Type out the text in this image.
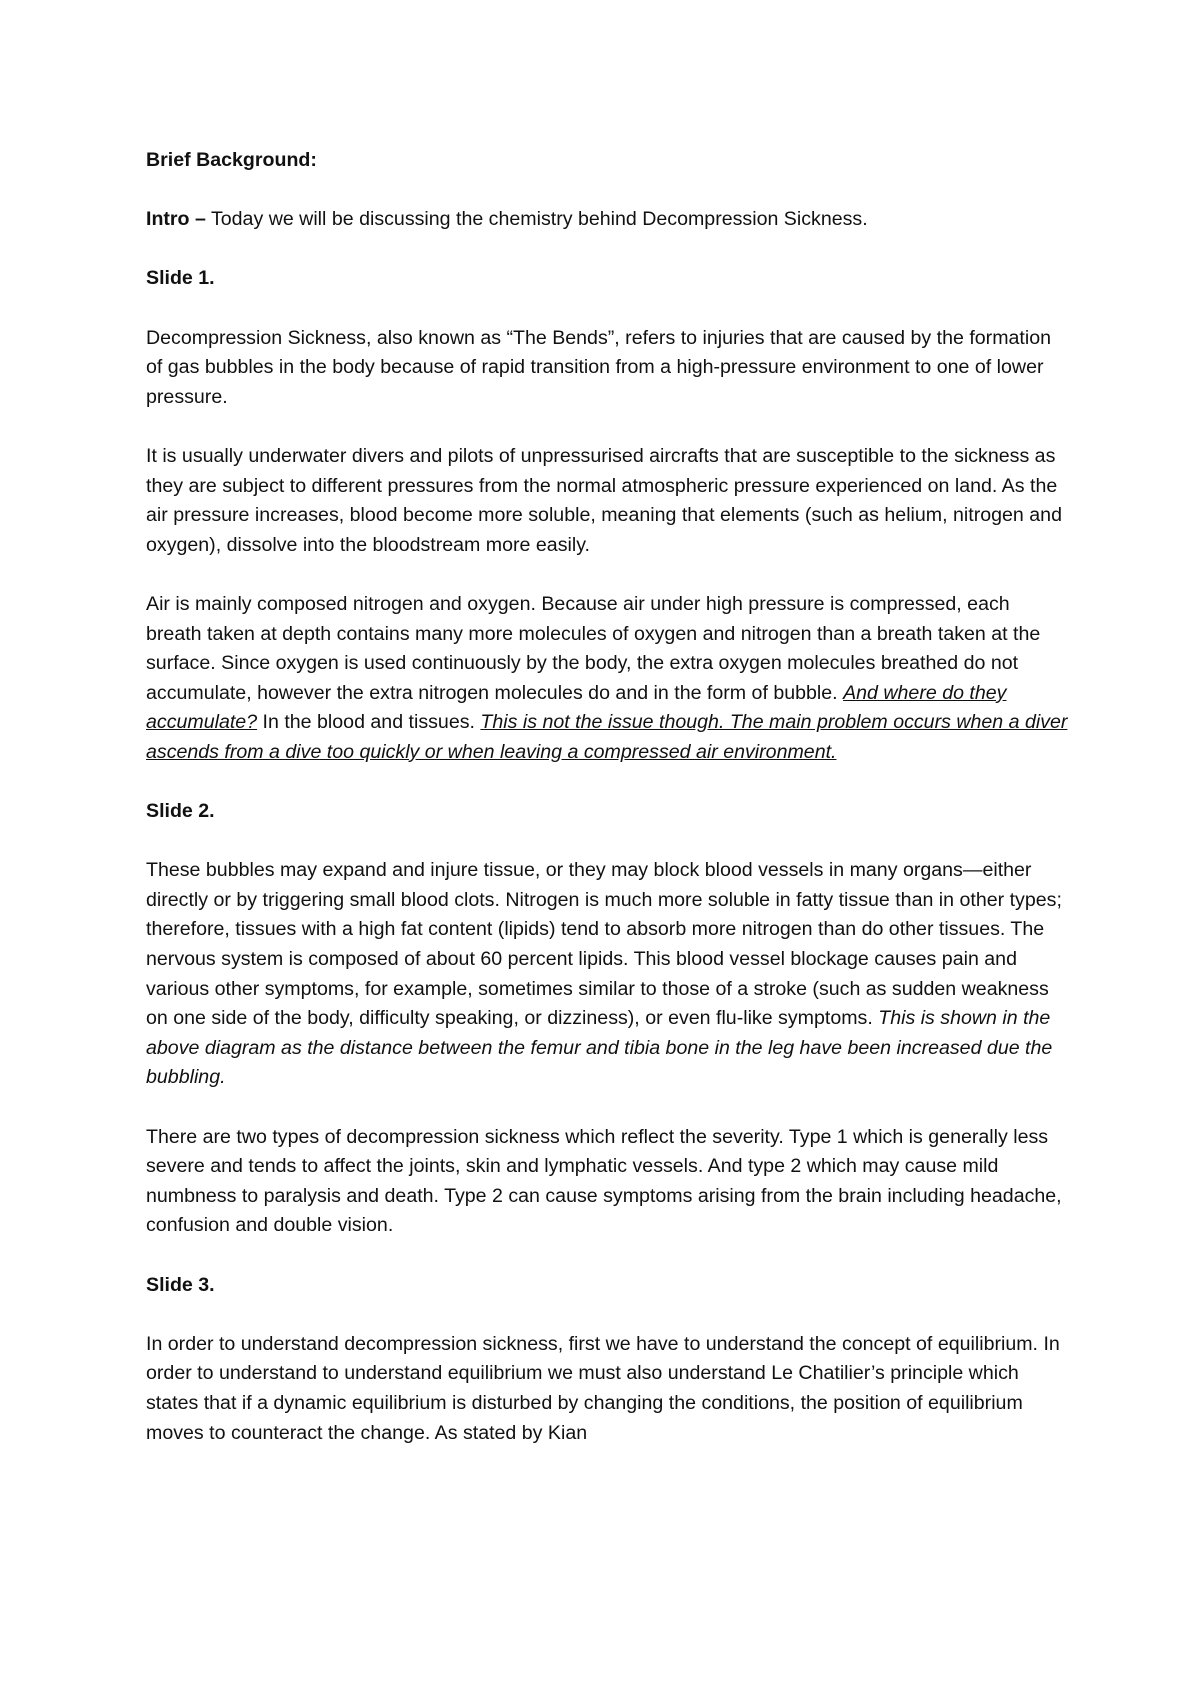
Brief Background:

Intro – Today we will be discussing the chemistry behind Decompression Sickness.

Slide 1.

Decompression Sickness, also known as “The Bends”, refers to injuries that are caused by the formation of gas bubbles in the body because of rapid transition from a high-pressure environment to one of lower pressure.

It is usually underwater divers and pilots of unpressurised aircrafts that are susceptible to the sickness as they are subject to different pressures from the normal atmospheric pressure experienced on land. As the air pressure increases, blood become more soluble, meaning that elements (such as helium, nitrogen and oxygen), dissolve into the bloodstream more easily.

Air is mainly composed nitrogen and oxygen. Because air under high pressure is compressed, each breath taken at depth contains many more molecules of oxygen and nitrogen than a breath taken at the surface. Since oxygen is used continuously by the body, the extra oxygen molecules breathed do not accumulate, however the extra nitrogen molecules do and in the form of bubble. And where do they accumulate? In the blood and tissues. This is not the issue though. The main problem occurs when a diver ascends from a dive too quickly or when leaving a compressed air environment.

Slide 2.

These bubbles may expand and injure tissue, or they may block blood vessels in many organs—either directly or by triggering small blood clots. Nitrogen is much more soluble in fatty tissue than in other types; therefore, tissues with a high fat content (lipids) tend to absorb more nitrogen than do other tissues. The nervous system is composed of about 60 percent lipids. This blood vessel blockage causes pain and various other symptoms, for example, sometimes similar to those of a stroke (such as sudden weakness on one side of the body, difficulty speaking, or dizziness), or even flu-like symptoms. This is shown in the above diagram as the distance between the femur and tibia bone in the leg have been increased due the bubbling.

There are two types of decompression sickness which reflect the severity. Type 1 which is generally less severe and tends to affect the joints, skin and lymphatic vessels. And type 2 which may cause mild numbness to paralysis and death. Type 2 can cause symptoms arising from the brain including headache, confusion and double vision.

Slide 3.

In order to understand decompression sickness, first we have to understand the concept of equilibrium. In order to understand to understand equilibrium we must also understand Le Chatilier’s principle which states that if a dynamic equilibrium is disturbed by changing the conditions, the position of equilibrium moves to counteract the change. As stated by Kian
